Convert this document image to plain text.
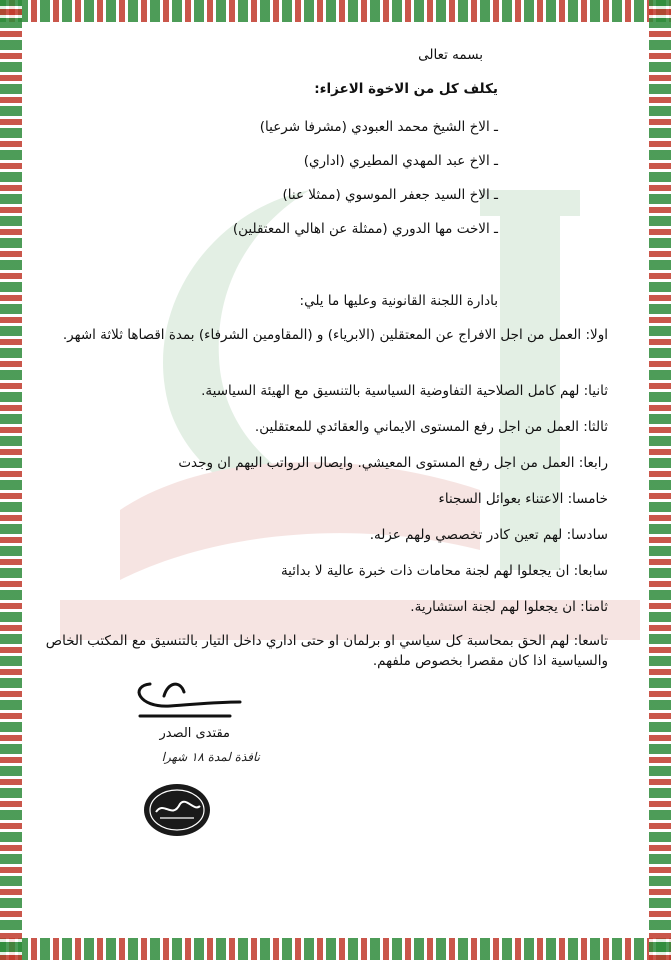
بسمه تعالى
يكلف كل من الاخوة الاعزاء:
ـ الاخ الشيخ محمد العبودي (مشرفا شرعيا)
ـ الاخ عبد المهدي المطيري (اداري)
ـ الاخ السيد جعفر الموسوي (ممثلا عنا)
ـ الاخت مها الدوري (ممثلة عن اهالي المعتقلين)
بادارة اللجنة القانونية وعليها ما يلي:
اولا: العمل من اجل الافراج عن المعتقلين (الابرياء) و (المقاومين الشرفاء) بمدة اقصاها ثلاثة اشهر.
ثانيا: لهم كامل الصلاحية التفاوضية السياسية بالتنسيق مع الهيئة السياسية.
ثالثا: العمل من اجل رفع المستوى الايماني والعقائدي للمعتقلين.
رابعا: العمل من اجل رفع المستوى المعيشي. وايصال الرواتب اليهم ان وجدت
خامسا: الاعتناء بعوائل السجناء
سادسا: لهم تعين كادر تخصصي ولهم عزله.
سابعا: ان يجعلوا لهم لجنة محامات ذات خبرة عالية لا بدائية
ثامنا: ان يجعلوا لهم لجنة استشارية.
تاسعا: لهم الحق بمحاسبة كل سياسي او برلمان او حتى اداري داخل التيار بالتنسيق مع المكتب الخاص والسياسية اذا كان مقصرا بخصوص ملفهم.
مقتدى الصدر
نافذة لمدة ١٨ شهرا
